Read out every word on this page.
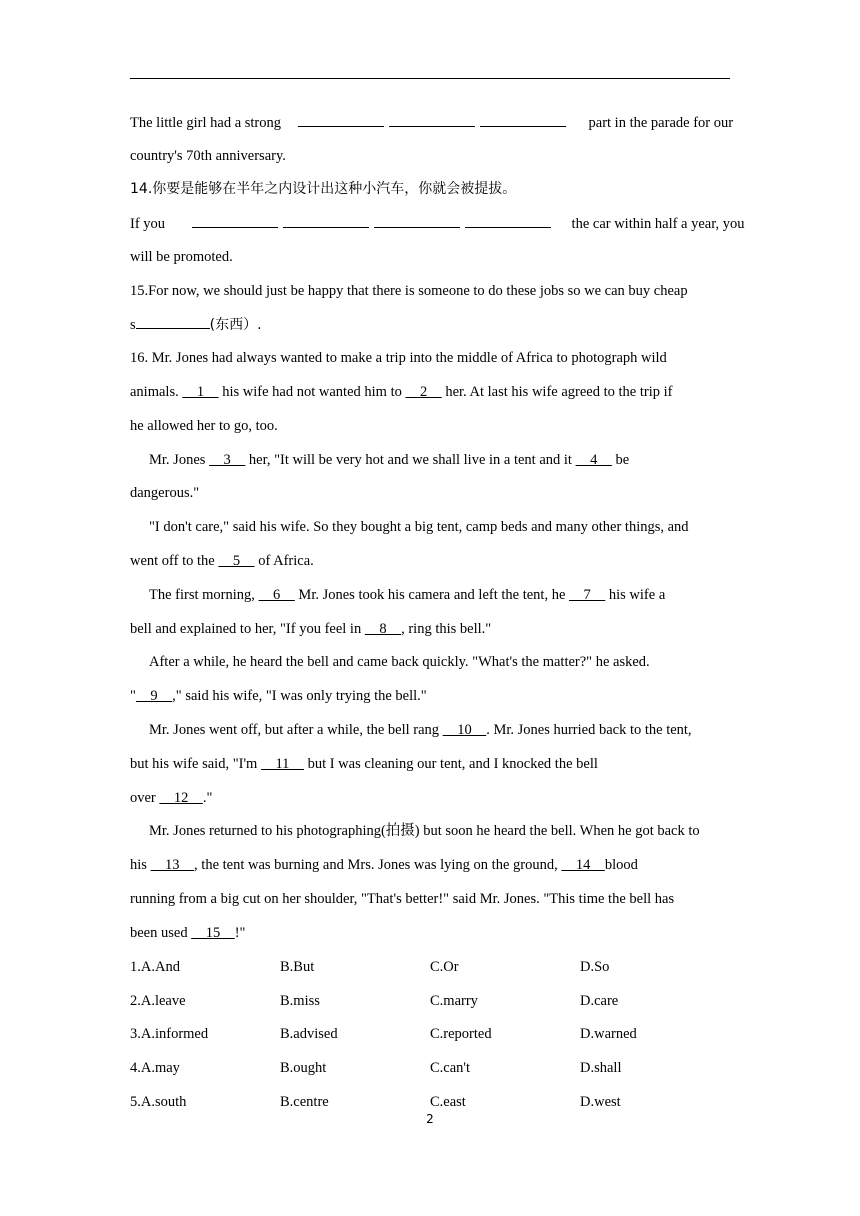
The little girl had a strong	part in the parade for our
country's 70th anniversary.
14.你要是能够在半年之内设计出这种小汽车，你就会被提拔。
If you	the car within half a year, you
will be promoted.
15.For now, we should just be happy that there is someone to do these jobs so we can buy cheap
s	(东西）.
16. Mr. Jones had always wanted to make a trip into the middle of Africa to photograph wild
animals.     1     his wife had not wanted him to     2     her. At last his wife agreed to the trip if
he allowed her to go, too.
Mr. Jones     3     her, "It will be very hot and we shall live in a tent and it     4     be
dangerous."
"I don't care," said his wife. So they bought a big tent, camp beds and many other things, and
went off to the     5     of Africa.
The first morning,     6     Mr. Jones took his camera and left the tent, he     7     his wife a
bell and explained to her, "If you feel in     8    , ring this bell."
After a while, he heard the bell and came back quickly. "What's the matter?" he asked.
"    9    ," said his wife, "I was only trying the bell."
Mr. Jones went off, but after a while, the bell rang     10    . Mr. Jones hurried back to the tent,
but his wife said, "I'm     11     but I was cleaning our tent, and I knocked the bell
over     12    ."
Mr. Jones returned to his photographing(拍摄) but soon he heard the bell. When he got back to
his     13    , the tent was burning and Mrs. Jones was lying on the ground,     14    blood
running from a big cut on her shoulder, "That's better!" said Mr. Jones. "This time the bell has
been used     15    !"
1.A.And	B.But	C.Or	D.So
2.A.leave	B.miss	C.marry	D.care
3.A.informed	B.advised	C.reported	D.warned
4.A.may	B.ought	C.can't	D.shall
5.A.south	B.centre	C.east	D.west
2
